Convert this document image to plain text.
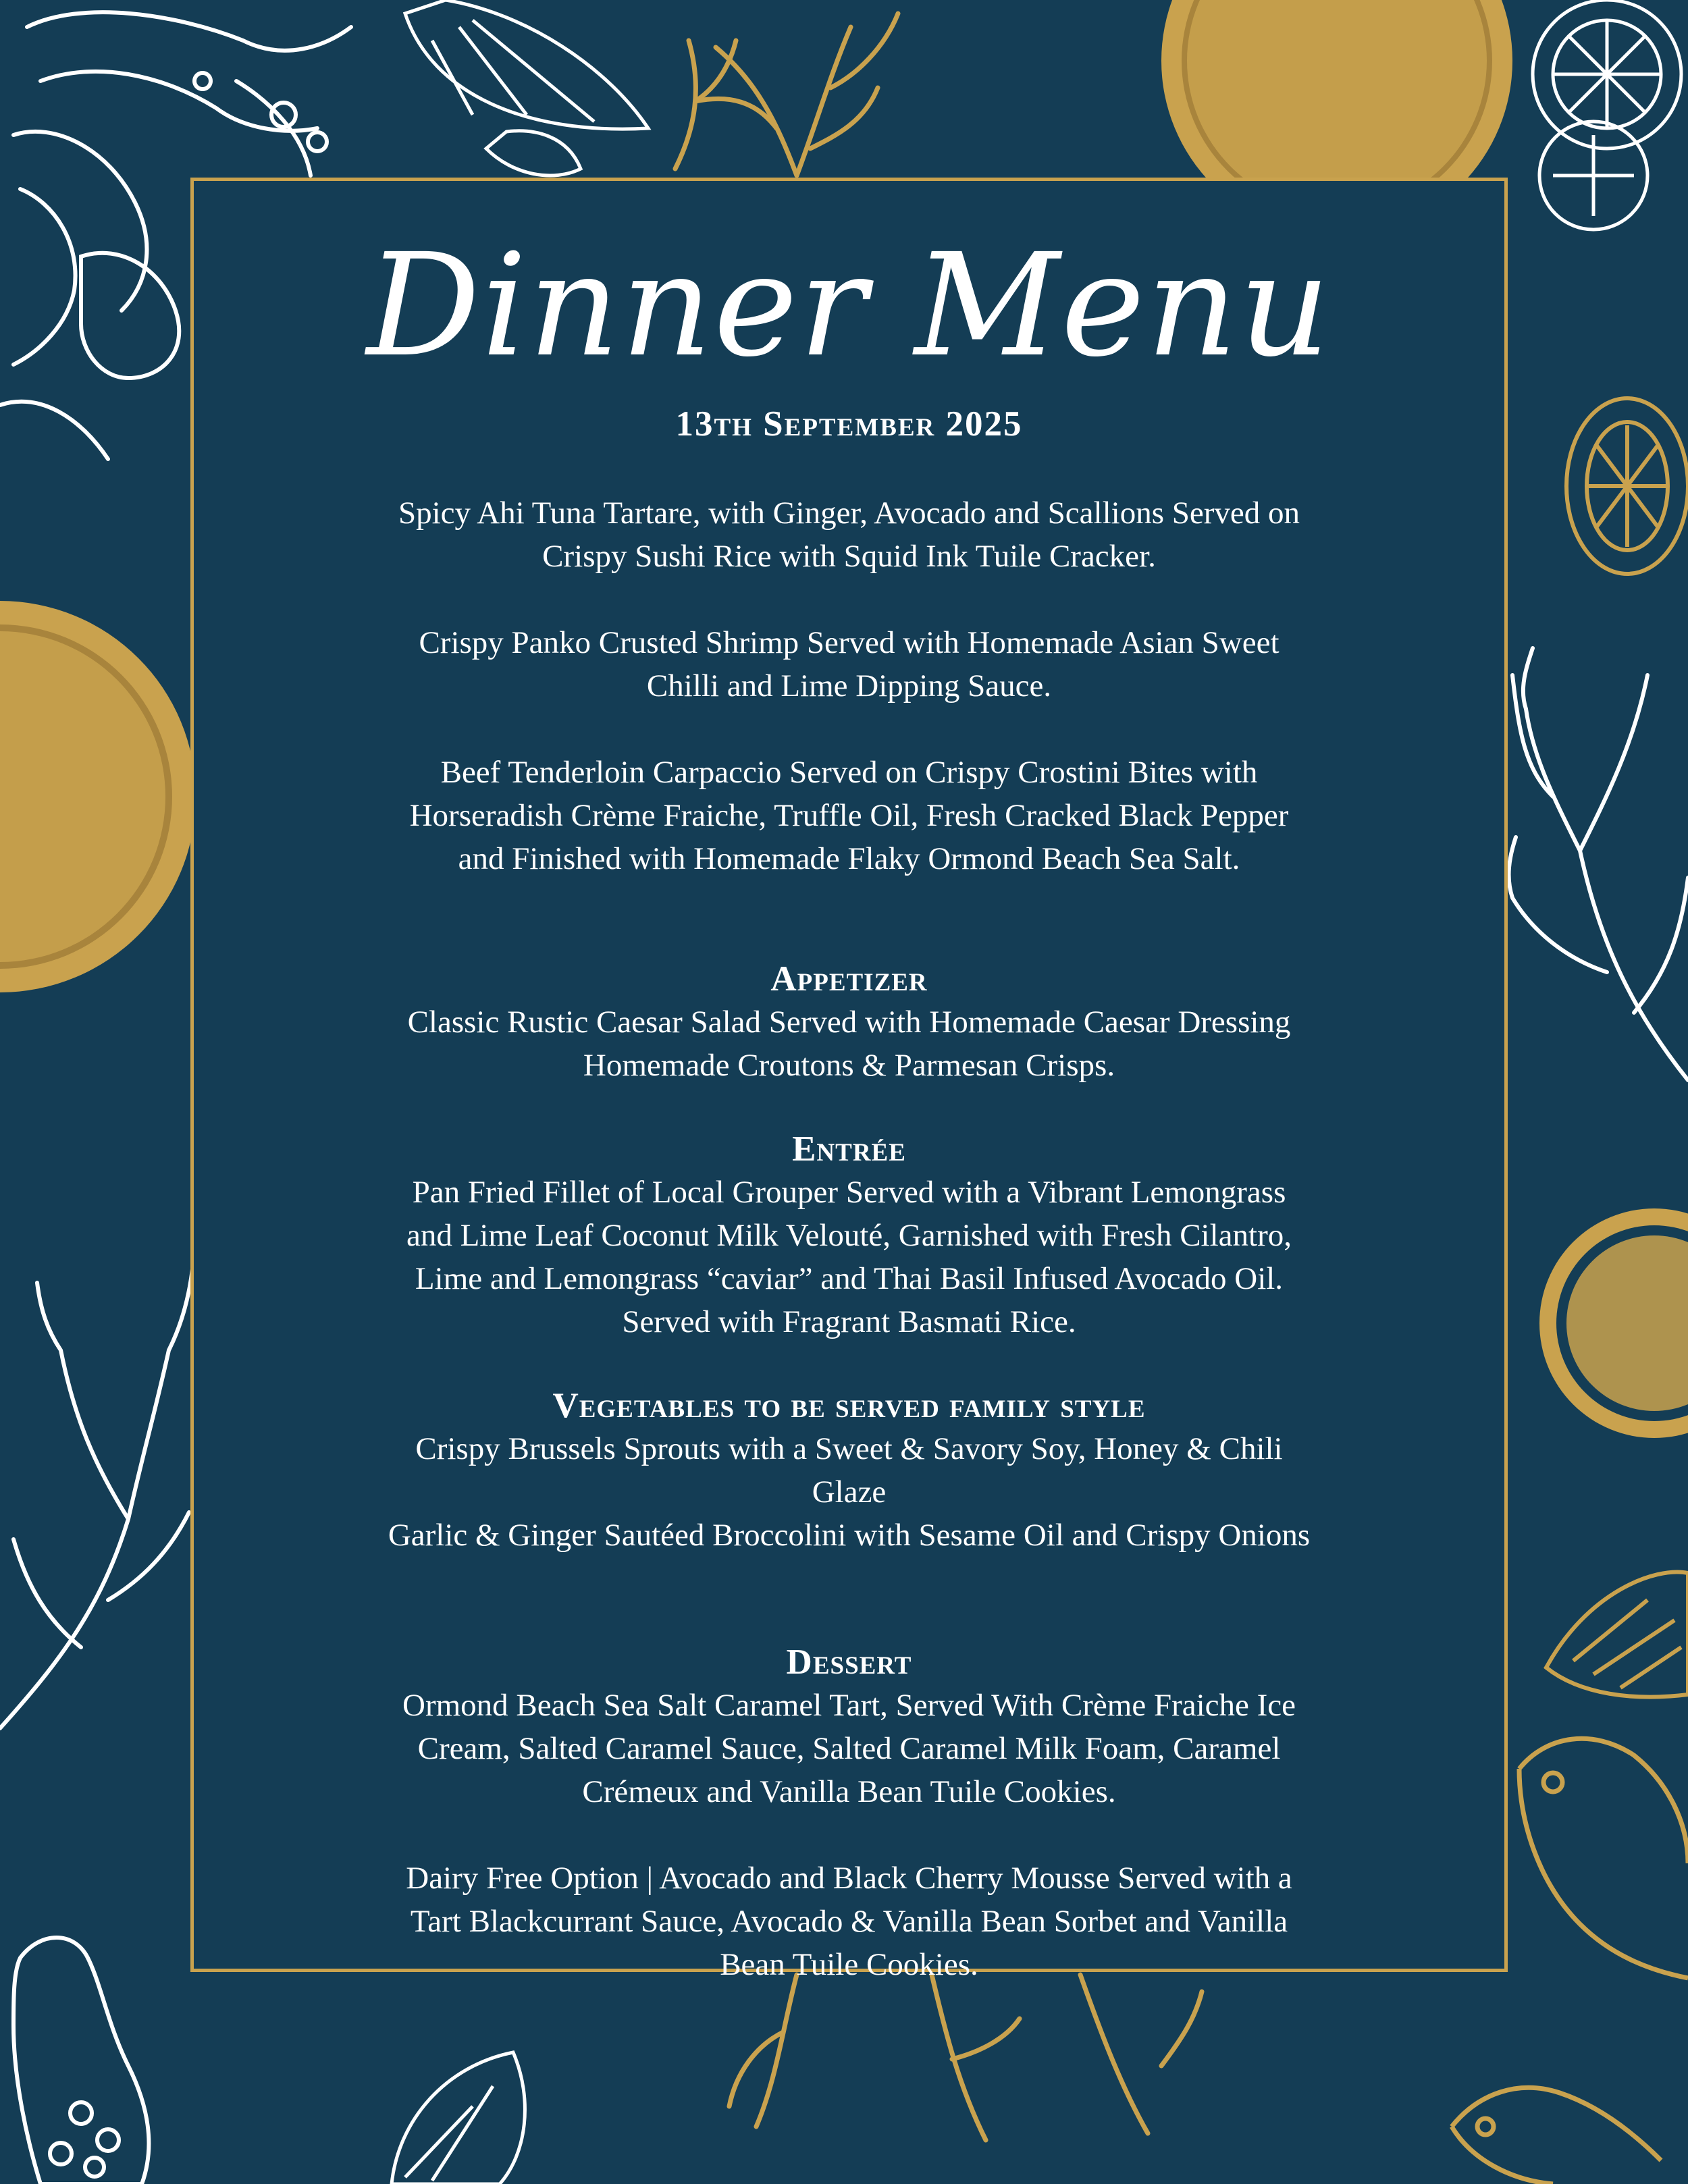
Dinner Menu
13th September 2025
Spicy Ahi Tuna Tartare, with Ginger, Avocado and Scallions Served on
Crispy Sushi Rice with Squid Ink Tuile Cracker.
Crispy Panko Crusted Shrimp Served with Homemade Asian Sweet
Chilli and Lime Dipping Sauce.
Beef Tenderloin Carpaccio Served on Crispy Crostini Bites with
Horseradish Crème Fraiche, Truffle Oil, Fresh Cracked Black Pepper
and Finished with Homemade Flaky Ormond Beach Sea Salt.
Appetizer
Classic Rustic Caesar Salad Served with Homemade Caesar Dressing
Homemade Croutons & Parmesan Crisps.
Entrée
Pan Fried Fillet of Local Grouper Served with a Vibrant Lemongrass
and Lime Leaf Coconut Milk Velouté, Garnished with Fresh Cilantro,
Lime and Lemongrass “caviar” and Thai Basil Infused Avocado Oil.
Served with Fragrant Basmati Rice.
Vegetables to be served family style
Crispy Brussels Sprouts with a Sweet & Savory Soy, Honey & Chili
Glaze
Garlic & Ginger Sautéed Broccolini with Sesame Oil and Crispy Onions
Dessert
Ormond Beach Sea Salt Caramel Tart, Served With Crème Fraiche Ice
Cream, Salted Caramel Sauce, Salted Caramel Milk Foam, Caramel
Crémeux and Vanilla Bean Tuile Cookies.
Dairy Free Option | Avocado and Black Cherry Mousse Served with a
Tart Blackcurrant Sauce, Avocado & Vanilla Bean Sorbet and Vanilla
Bean Tuile Cookies.
